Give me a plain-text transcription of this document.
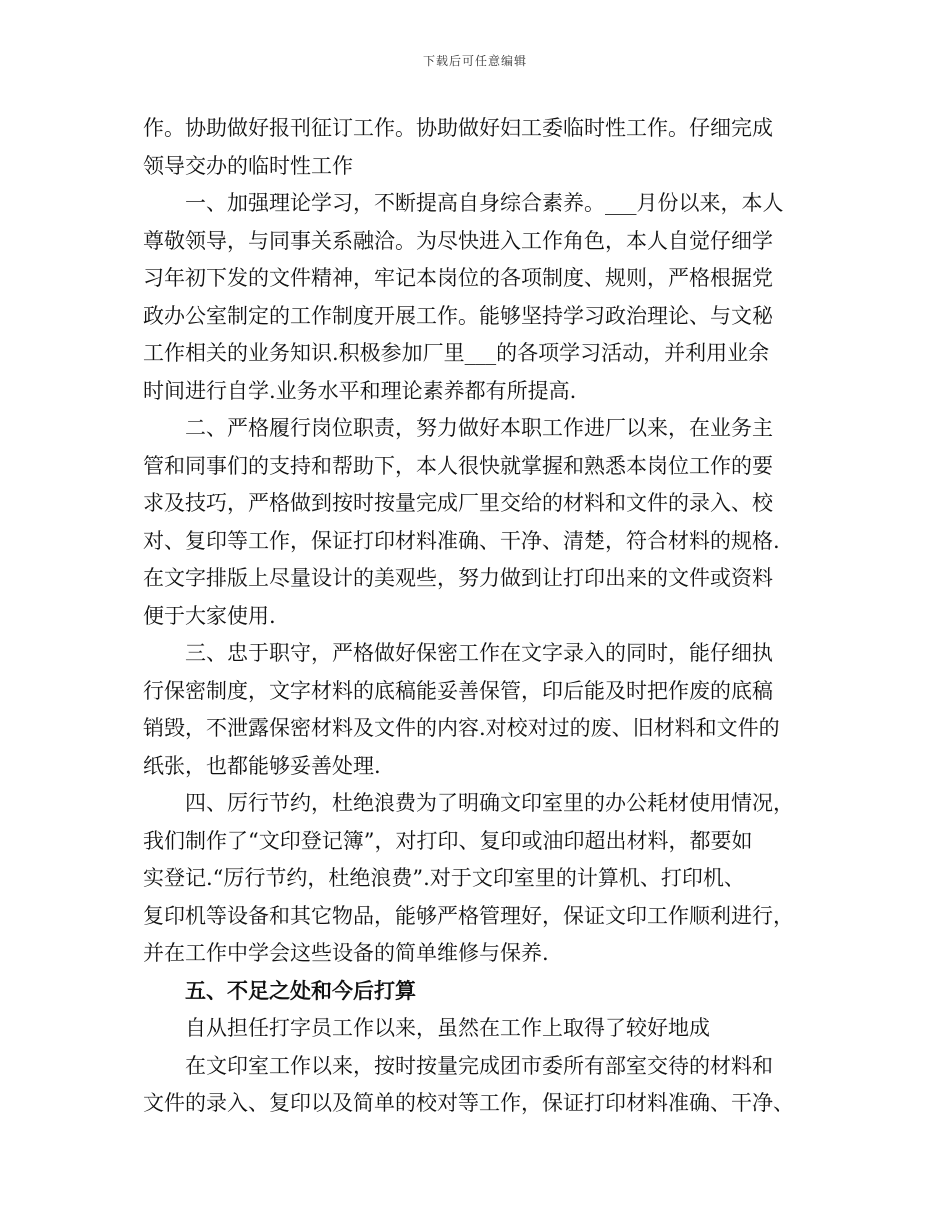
下载后可任意编辑
作。协助做好报刊征订工作。协助做好妇工委临时性工作。仔细完成
领导交办的临时性工作
一、加强理论学习，不断提高自身综合素养。___月份以来，本人
尊敬领导，与同事关系融洽。为尽快进入工作角色，本人自觉仔细学
习年初下发的文件精神，牢记本岗位的各项制度、规则，严格根据党
政办公室制定的工作制度开展工作。能够坚持学习政治理论、与文秘
工作相关的业务知识.积极参加厂里___的各项学习活动，并利用业余
时间进行自学.业务水平和理论素养都有所提高.
二、严格履行岗位职责，努力做好本职工作进厂以来，在业务主
管和同事们的支持和帮助下，本人很快就掌握和熟悉本岗位工作的要
求及技巧，严格做到按时按量完成厂里交给的材料和文件的录入、校
对、复印等工作，保证打印材料准确、干净、清楚，符合材料的规格.
在文字排版上尽量设计的美观些，努力做到让打印出来的文件或资料
便于大家使用.
三、忠于职守，严格做好保密工作在文字录入的同时，能仔细执
行保密制度，文字材料的底稿能妥善保管，印后能及时把作废的底稿
销毁，不泄露保密材料及文件的内容.对校对过的废、旧材料和文件的
纸张，也都能够妥善处理.
四、厉行节约，杜绝浪费为了明确文印室里的办公耗材使用情况，
我们制作了“文印登记簿”，对打印、复印或油印超出材料，都要如
实登记.“厉行节约，杜绝浪费”.对于文印室里的计算机、打印机、
复印机等设备和其它物品，能够严格管理好，保证文印工作顺利进行，
并在工作中学会这些设备的简单维修与保养.
五、不足之处和今后打算
自从担任打字员工作以来，虽然在工作上取得了较好地成
在文印室工作以来，按时按量完成团市委所有部室交待的材料和
文件的录入、复印以及简单的校对等工作，保证打印材料准确、干净、
